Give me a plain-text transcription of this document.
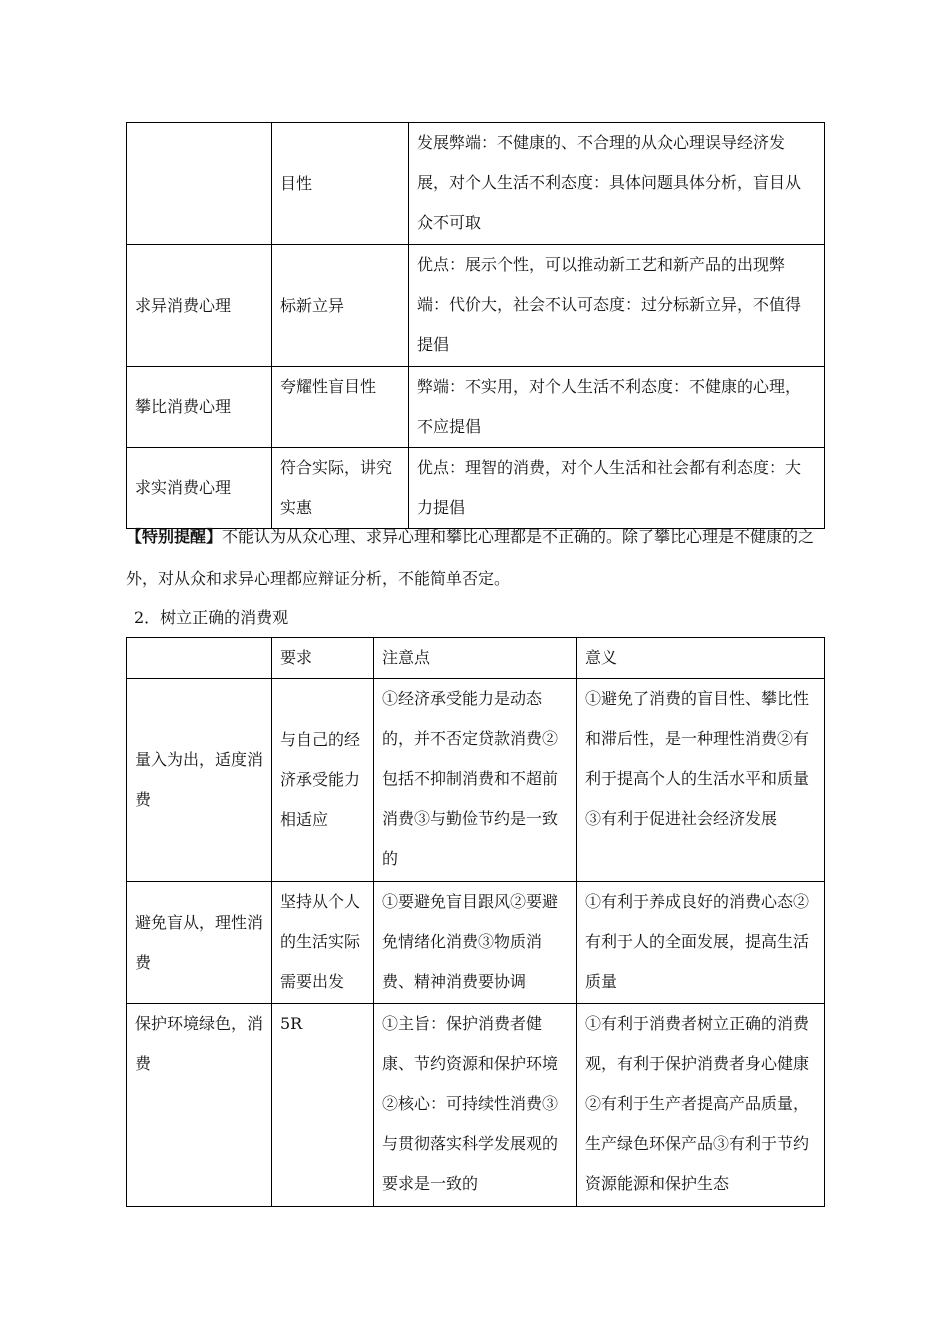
	目性	发展弊端：不健康的、不合理的从众心理误导经济发展，对个人生活不利态度：具体问题具体分析，盲目从众不可取
求异消费心理	标新立异	优点：展示个性，可以推动新工艺和新产品的出现弊端：代价大，社会不认可态度：过分标新立异，不值得提倡
攀比消费心理	夸耀性盲目性	弊端：不实用，对个人生活不利态度：不健康的心理，不应提倡
求实消费心理	符合实际，讲究实惠	优点：理智的消费，对个人生活和社会都有利态度：大力提倡
【特别提醒】不能认为从众心理、求异心理和攀比心理都是不正确的。除了攀比心理是不健康的之外，对从众和求异心理都应辩证分析，不能简单否定。
2．树立正确的消费观
	要求	注意点	意义
量入为出，适度消费	与自己的经济承受能力相适应	①经济承受能力是动态的，并不否定贷款消费②包括不抑制消费和不超前消费③与勤俭节约是一致的	①避免了消费的盲目性、攀比性和滞后性，是一种理性消费②有利于提高个人的生活水平和质量③有利于促进社会经济发展
避免盲从，理性消费	坚持从个人的生活实际需要出发	①要避免盲目跟风②要避免情绪化消费③物质消费、精神消费要协调	①有利于养成良好的消费心态②有利于人的全面发展，提高生活质量
保护环境绿色，消费	5R	①主旨：保护消费者健康、节约资源和保护环境②核心：可持续性消费③与贯彻落实科学发展观的要求是一致的	①有利于消费者树立正确的消费观，有利于保护消费者身心健康②有利于生产者提高产品质量，生产绿色环保产品③有利于节约资源能源和保护生态
